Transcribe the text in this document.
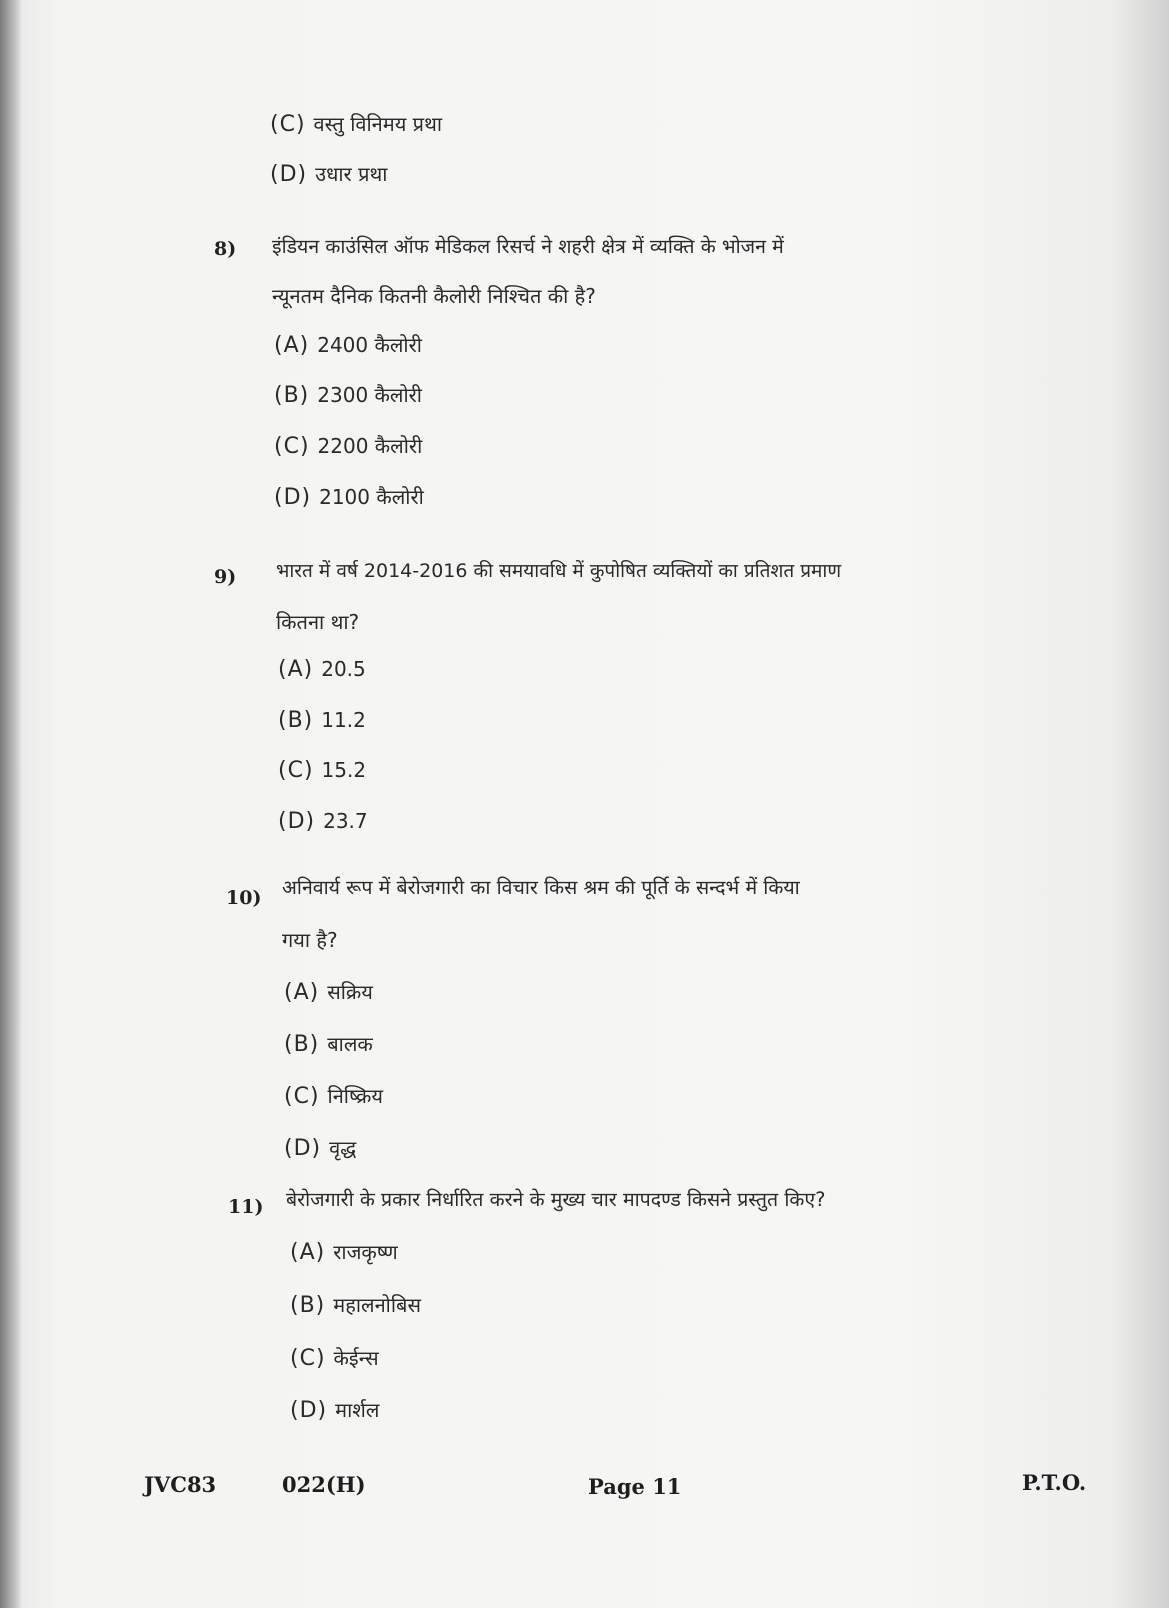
(C) वस्तु विनिमय प्रथा
(D) उधार प्रथा
8) इंडियन काउंसिल ऑफ मेडिकल रिसर्च ने शहरी क्षेत्र में व्यक्ति के भोजन में
न्यूनतम दैनिक कितनी कैलोरी निश्चित की है?
(A) 2400 कैलोरी
(B) 2300 कैलोरी
(C) 2200 कैलोरी
(D) 2100 कैलोरी
9) भारत में वर्ष 2014-2016 की समयावधि में कुपोषित व्यक्तियों का प्रतिशत प्रमाण
कितना था?
(A) 20.5
(B) 11.2
(C) 15.2
(D) 23.7
10) अनिवार्य रूप में बेरोजगारी का विचार किस श्रम की पूर्ति के सन्दर्भ में किया
गया है?
(A) सक्रिय
(B) बालक
(C) निष्क्रिय
(D) वृद्ध
11) बेरोजगारी के प्रकार निर्धारित करने के मुख्य चार मापदण्ड किसने प्रस्तुत किए?
(A) राजकृष्ण
(B) महालनोबिस
(C) केईन्स
(D) मार्शल
JVC83	022(H)	Page 11	P.T.O.
